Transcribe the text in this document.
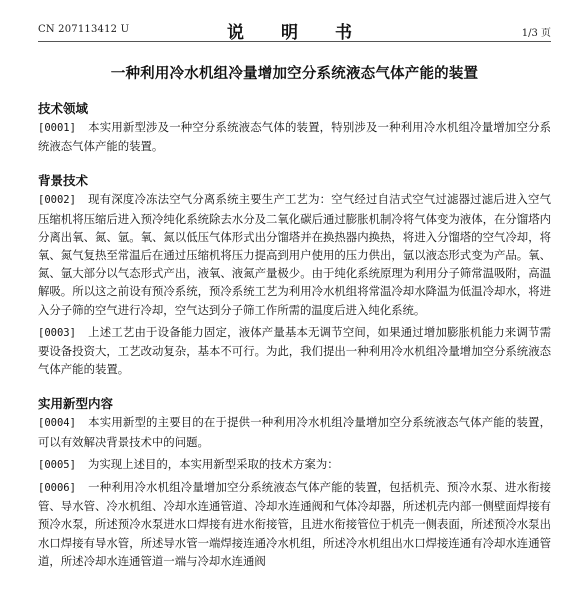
CN 207113412 U	说　明　书	1/3 页
一种利用冷水机组冷量增加空分系统液态气体产能的装置
技术领域

[0001] 本实用新型涉及一种空分系统液态气体的装置，特别涉及一种利用冷水机组冷量增加空分系统液态气体产能的装置。

背景技术

[0002] 现有深度冷冻法空气分离系统主要生产工艺为：空气经过自洁式空气过滤器过滤后进入空气压缩机将压缩后进入预冷纯化系统除去水分及二氧化碳后通过膨胀机制冷将气体变为液体，在分馏塔内分离出氧、氮、氩。氧、氮以低压气体形式出分馏塔并在换热器内换热，将进入分馏塔的空气冷却，将氧、氮气复热至常温后在通过压缩机将压力提高到用户使用的压力供出，氩以液态形式变为产品。氧、氮、氩大部分以气态形式产出，液氧、液氮产量极少。由于纯化系统原理为利用分子筛常温吸附，高温解吸。所以这之前设有预冷系统，预冷系统工艺为利用冷水机组将常温冷却水降温为低温冷却水，将进入分子筛的空气进行冷却，空气达到分子筛工作所需的温度后进入纯化系统。

[0003] 上述工艺由于设备能力固定，液体产量基本无调节空间，如果通过增加膨胀机能力来调节需要设备投资大，工艺改动复杂，基本不可行。为此，我们提出一种利用冷水机组冷量增加空分系统液态气体产能的装置。

实用新型内容

[0004] 本实用新型的主要目的在于提供一种利用冷水机组冷量增加空分系统液态气体产能的装置，可以有效解决背景技术中的问题。

[0005] 为实现上述目的，本实用新型采取的技术方案为：

[0006] 一种利用冷水机组冷量增加空分系统液态气体产能的装置，包括机壳、预冷水泵、进水衔接管、导水管、冷水机组、冷却水连通管道、冷却水连通阀和气体冷却器，所述机壳内部一侧壁面焊接有预冷水泵，所述预冷水泵进水口焊接有进水衔接管，且进水衔接管位于机壳一侧表面，所述预冷水泵出水口焊接有导水管，所述导水管一端焊接连通冷水机组，所述冷水机组出水口焊接连通有冷却水连通管道，所述冷却水连通管道一端与冷却水连通阀
